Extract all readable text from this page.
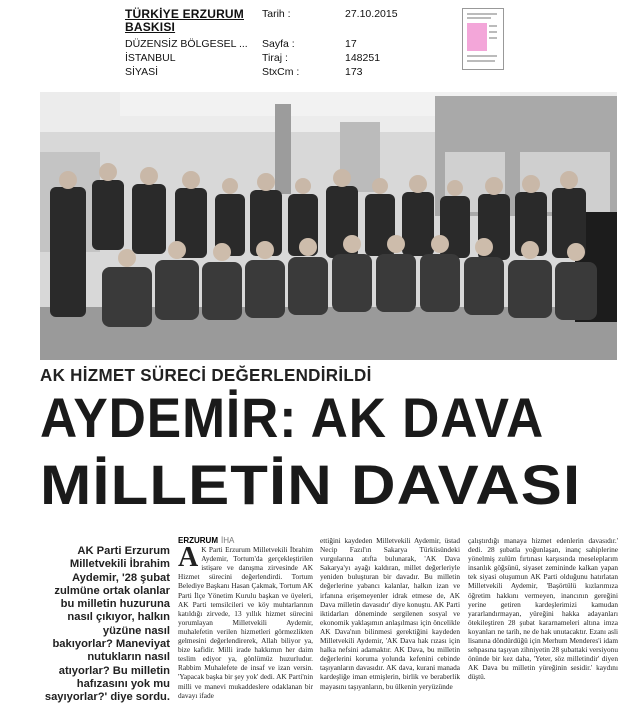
TÜRKİYE ERZURUM BASKISI
Tarih :	27.10.2015
DÜZENSİZ BÖLGESEL ... Sayfa :	17
İSTANBUL	Tiraj :	148251
SİYASİ	StxCm :	173
AK HİZMET SÜRECİ DEĞERLENDİRİLDİ
AYDEMİR: AK DAVA
MİLLETİN DAVASI
AK Parti Erzurum Milletvekili İbrahim Aydemir, '28 şubat zulmüne ortak olanlar bu milletin huzuruna nasıl çıkıyor, halkın yüzüne nasıl bakıyorlar? Maneviyat nutukların nasıl atıyorlar? Bu milletin hafızasını yok mu sayıyorlar?' diye sordu.
ERZURUM İHA
A K Parti Erzurum Milletvekili İbrahim Aydemir, Tortum'da gerçekleştirilen istişare ve danışma zirvesinde AK Hizmet sürecini değerlendirdi. Tortum Belediye Başkanı Hasan Çakmak, Tortum AK Parti İlçe Yönetim Kurulu başkan ve üyeleri, AK Parti temsilcileri ve köy muhtarlarının katıldığı zirvede, 13 yıllık hizmet sürecini yorumlayan Milletvekili Aydemir, muhalefetin verilen hizmetleri görmezlikten gelmesini değerlendirerek, Allah biliyor ya, bize kafidir. Milli irade hakkımın her daim teslim ediyor ya, gönlümüz huzurludur. Rabbim Muhalefete de insaf ve izan versin. 'Yapacak başka bir şey yok' dedi. AK Parti'nin milli ve manevi mukaddeslere odaklanan bir davayı ifade
ettiğini kaydeden Milletvekili Aydemir, üstad Necip Fazıl'ın Sakarya Türküsündeki vurgularına atıfta bulunarak, 'AK Dava Sakarya'yı ayağı kaldıran, millet değerleriyle yeniden buluşturan bir davadır. Bu milletin değerlerine yabancı kalanlar, halkın izan ve irfanına erişemeyenler idrak etmese de, AK Dava milletin davasıdır' diye konuştu. AK Parti iktidarları döneminde sergilenen sosyal ve ekonomik yaklaşımın anlaşılması için öncelikle AK Dava'nın bilinmesi gerektiğini kaydeden Milletvekili Aydemir, 'AK Dava hak rızası için halka nefsini adamaktır. AK Dava, bu milletin değerlerini koruma yolunda kefenini cebinde taşıyanların davasıdır. AK dava, kurani manada kardeşliğe iman etmişlerin, birlik ve beraberlik mayasını taşıyanların, bu ülkenin yeryüzünde
çalıştırdığı manaya hizmet edenlerin davasıdır.' dedi. 28 şubatla yoğunlaşan, inanç sahiplerine yönelmiş zulüm fırtınası karşısında meseleplarım insanlık göğsünü, siyaset zemininde kalkan yapan tek siyasi oluşumun AK Parti olduğunu hatırlatan Milletvekili Aydemir, 'Başörtülü kızlarımıza öğretim hakkını vermeyen, inancının gereğini yerine getiren kardeşlerimizi kamudan yararlandırmayan, yüreğini hakka adayanları ötekileştiren 28 şubat kararnameleri altına imza koyanları ne tarih, ne de hak unutacaktır. Ezanı asli lisanına döndürdüğü için Merhum Menderes'i idam sehpasına taşıyan zihniyetin 28 şubattaki versiyonu önünde bir kez daha, 'Yeter, söz milletindir' diyen AK Dava bu milletin yüreğinin sesidir.' kaydını düştü.
